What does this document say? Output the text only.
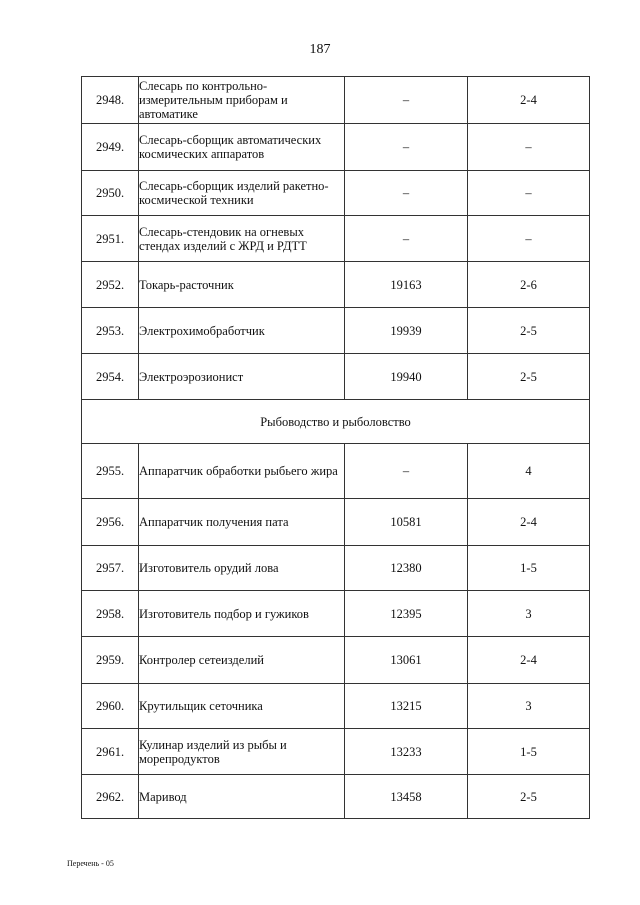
187
2948.	Слесарь по контрольно-измерительным приборам и автоматике	–	2-4
2949.	Слесарь-сборщик автоматических космических аппаратов	–	–
2950.	Слесарь-сборщик изделий ракетно-космической техники	–	–
2951.	Слесарь-стендовик на огневых стендах изделий с ЖРД и РДТТ	–	–
2952.	Токарь-расточник	19163	2-6
2953.	Электрохимобработчик	19939	2-5
2954.	Электроэрозионист	19940	2-5
Рыбоводство и рыболовство			
2955.	Аппаратчик обработки рыбьего жира	–	4
2956.	Аппаратчик получения пата	10581	2-4
2957.	Изготовитель орудий лова	12380	1-5
2958.	Изготовитель подбор и гужиков	12395	3
2959.	Контролер сетеизделий	13061	2-4
2960.	Крутильщик сеточника	13215	3
2961.	Кулинар изделий из рыбы и морепродуктов	13233	1-5
2962.	Маривод	13458	2-5
Перечень - 05
